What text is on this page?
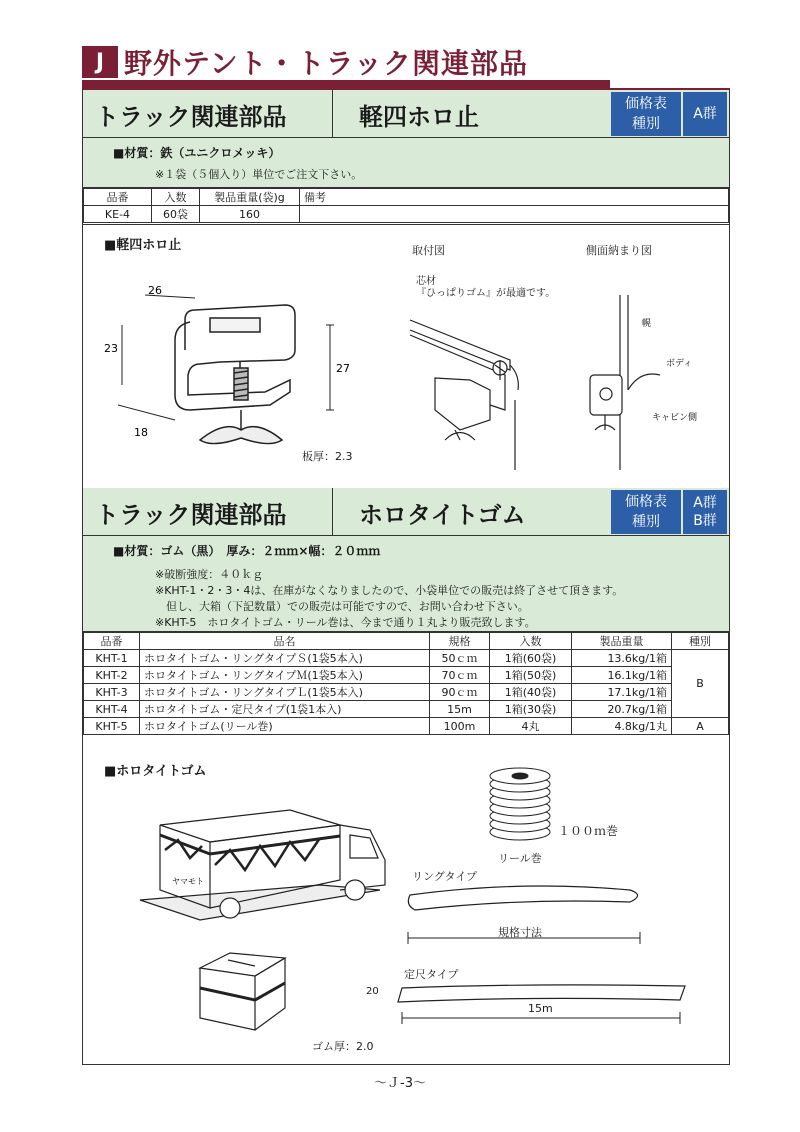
J 野外テント・トラック関連部品
トラック関連部品	軽四ホロ止	価格表
種別
A群
■材質：鉄（ユニクロメッキ）
※１袋（５個入り）単位でご注文下さい。
品番	入数	製品重量(袋)g	備考
KE-4	60袋	160	
■軽四ホロ止
26
23
18
27
板厚：2.3
取付図
芯材
『ひっぱりゴム』が最適です。
側面納まり図
幌
ボディ
キャビン側
トラック関連部品	ホロタイトゴム	価格表
種別
A群
B群
■材質：ゴム（黒）　厚み：２ｍｍ×幅：２０ｍｍ
※破断強度：４０ｋｇ
※KHT-1・2・3・4は、在庫がなくなりましたので、小袋単位での販売は終了させて頂きます。
　但し、大箱（下記数量）での販売は可能ですので、お問い合わせ下さい。
※KHT-5　ホロタイトゴム・リール巻は、今まで通り１丸より販売致します。
品番	品名	規格	入数	製品重量	種別
KHT-1	ホロタイトゴム・リングタイプＳ(1袋5本入)	50ｃｍ	1箱(60袋)	13.6kg/1箱	B
KHT-2	ホロタイトゴム・リングタイプＭ(1袋5本入)	70ｃｍ	1箱(50袋)	16.1kg/1箱	
KHT-3	ホロタイトゴム・リングタイプＬ(1袋5本入)	90ｃｍ	1箱(40袋)	17.1kg/1箱	
KHT-4	ホロタイトゴム・定尺タイプ(1袋1本入)	15m	1箱(30袋)	20.7kg/1箱	
KHT-5	ホロタイトゴム(リール巻)	100m	4丸	4.8kg/1丸	A
■ホロタイトゴム
ヤマモト
ゴム厚：2.0
１００ｍ巻
リール巻
リングタイプ
規格寸法
定尺タイプ
20
15m
～Ｊ-3～
